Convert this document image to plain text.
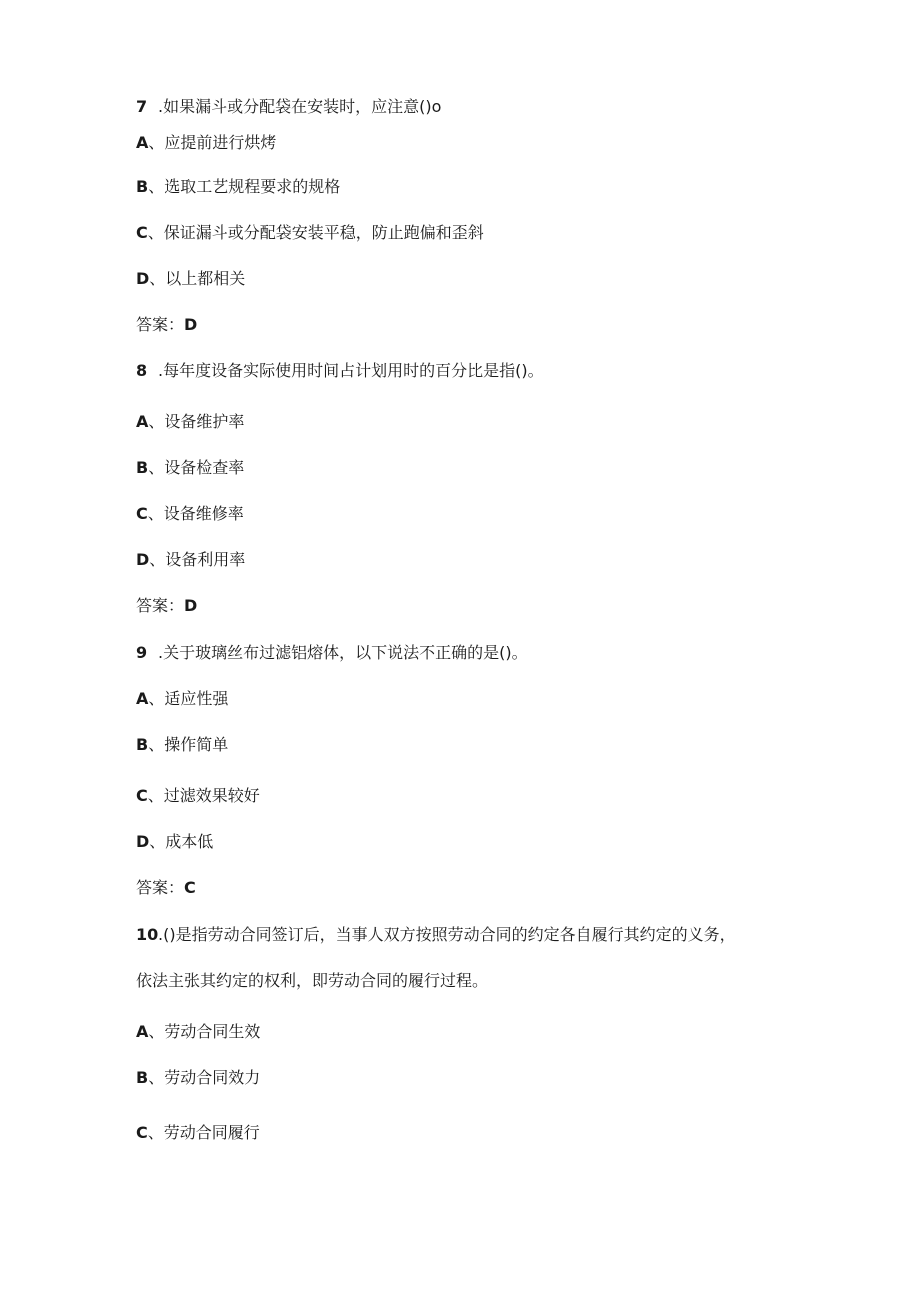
7 .如果漏斗或分配袋在安装时，应注意()o
A、应提前进行烘烤
B、选取工艺规程要求的规格
C、保证漏斗或分配袋安装平稳，防止跑偏和歪斜
D、以上都相关
答案：D
8 .每年度设备实际使用时间占计划用时的百分比是指()。
A、设备维护率
B、设备检查率
C、设备维修率
D、设备利用率
答案：D
9 .关于玻璃丝布过滤铝熔体，以下说法不正确的是()。
A、适应性强
B、操作简单
C、过滤效果较好
D、成本低
答案：C
10.()是指劳动合同签订后，当事人双方按照劳动合同的约定各自履行其约定的义务，
依法主张其约定的权利，即劳动合同的履行过程。
A、劳动合同生效
B、劳动合同效力
C、劳动合同履行
